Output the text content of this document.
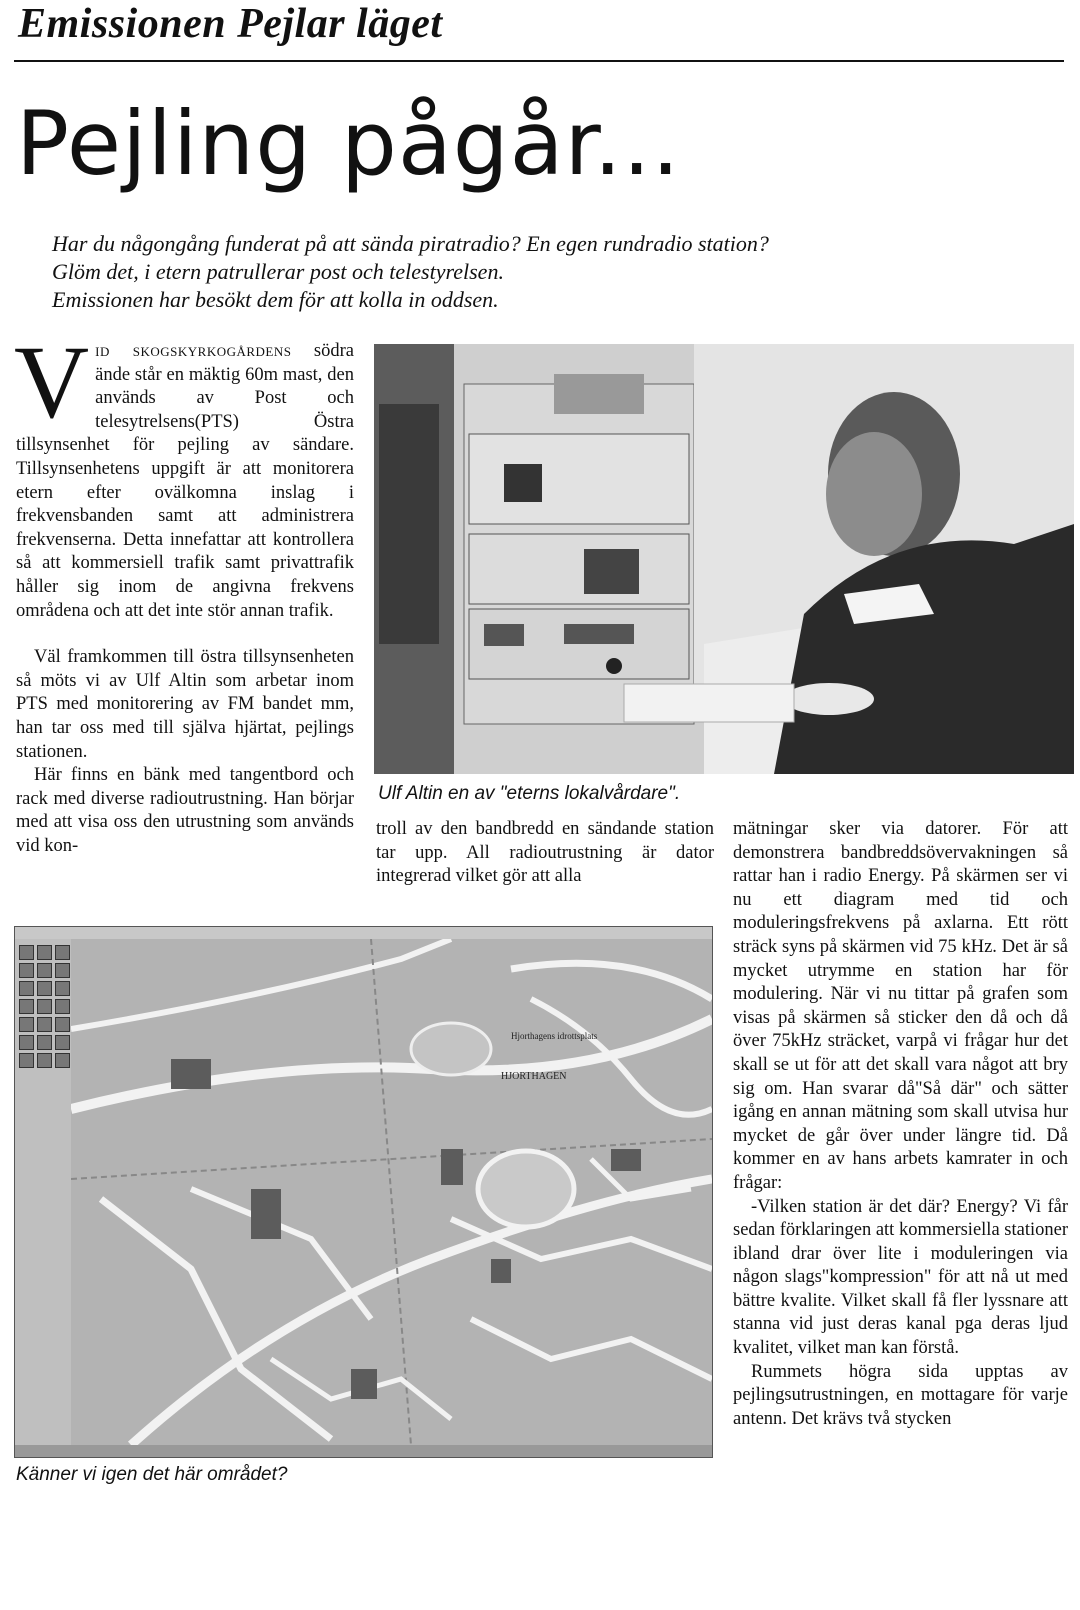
Emissionen Pejlar läget
Pejling pågår...
Har du någongång funderat på att sända piratradio? En egen rundradio station?
Glöm det, i etern patrullerar post och telestyrelsen.
Emissionen har besökt dem för att kolla in oddsen.

Vid skogskyrkogårdens södra ände står en mäktig 60m mast, den används av Post och telesytrelsens(PTS) Östra tillsynsenhet för pejling av sändare. Tillsynsenhetens uppgift är att monitorera etern efter ovälkomna inslag i frekvensbanden samt att administrera frekvenserna. Detta innefattar att kontrollera så att kommersiell trafik samt privattrafik håller sig inom de angivna frekvens områdena och att det inte stör annan trafik.

Väl framkommen till östra tillsynsenheten så möts vi av Ulf Altin som arbetar inom PTS med monitorering av FM bandet mm, han tar oss med till själva hjärtat, pejlings stationen.

Här finns en bänk med tangentbord och rack med diverse radioutrustning. Han börjar med att visa oss den utrustning som används vid kon-

Ulf Altin en av "eterns lokalvårdare".

troll av den bandbredd en sändande station tar upp. All radioutrustning är dator integrerad vilket gör att alla

mätningar sker via datorer. För att demonstrera bandbreddsövervakningen så rattar han i radio Energy. På skärmen ser vi nu ett diagram med tid och moduleringsfrekvens på axlarna. Ett rött sträck syns på skärmen vid 75 kHz. Det är så mycket utrymme en station har för modulering. När vi nu tittar på grafen som visas på skärmen så sticker den då och då över 75kHz sträcket, varpå vi frågar hur det skall se ut för att det skall vara något att bry sig om. Han svarar då"Så där" och sätter igång en annan mätning som skall utvisa hur mycket de går över under längre tid. Då kommer en av hans arbets kamrater in och frågar:

-Vilken station är det där? Energy? Vi får sedan förklaringen att kommersiella stationer ibland drar över lite i moduleringen via någon slags"kompression" för att nå ut med bättre kvalite. Vilket skall få fler lyssnare att stanna vid just deras kanal pga deras ljud kvalitet, vilket man kan förstå.

Rummets högra sida upptas av pejlingsutrustningen, en mottagare för varje antenn. Det krävs två stycken

HJORTHAGEN
Hjorthagens idrottsplats
Känner vi igen det här området?
